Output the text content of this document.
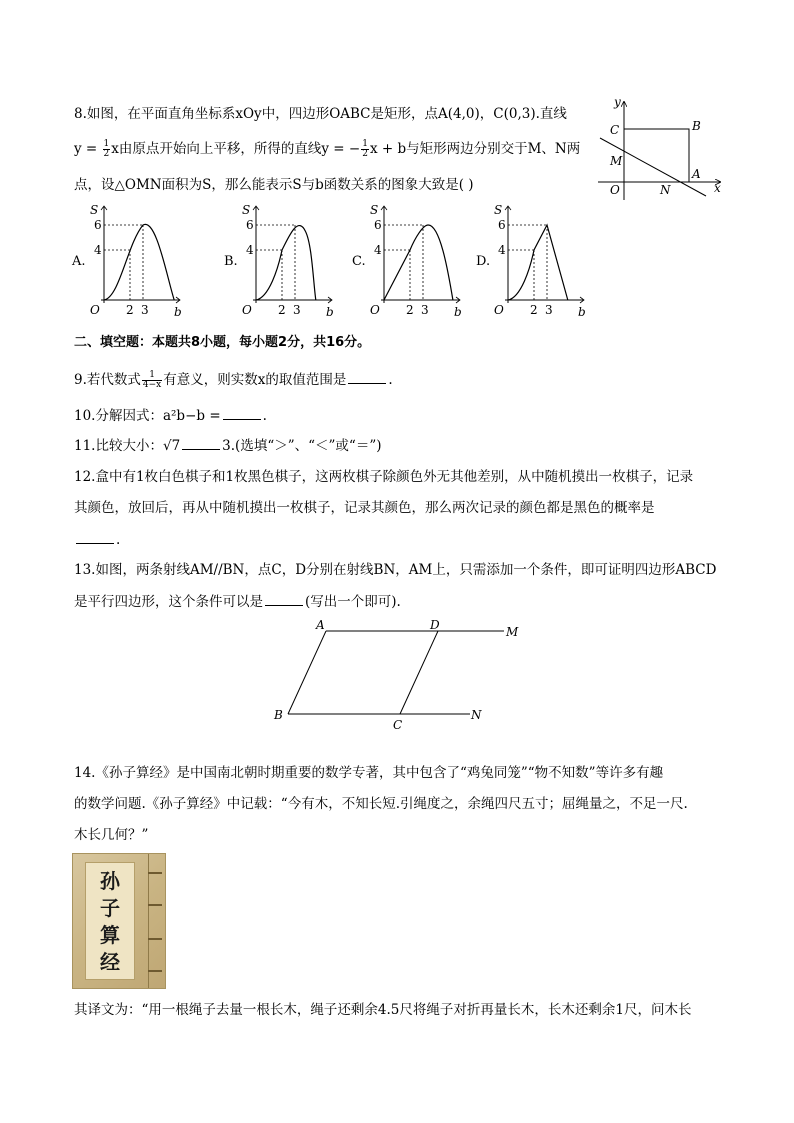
8.如图，在平面直角坐标系xOy中，四边形OABC是矩形，点A(4,0)，C(0,3).直线
$y = \frac{1}{2}$ x由原点开始向上平移，所得的直线y = − $\frac{1}{2}$ x + b与矩形两边分别交于M、N两
点，设△OMN面积为S，那么能表示S与b函数关系的图象大致是( )
y
x
C	B
M
A
O	N
A.
S
b
O
6
4
2 3
B.
S
b
O
6
4
2 3
C.
S
b
O
6
4
2 3
D.
S
b
O
6
4
2 3
二、填空题：本题共8小题，每小题2分，共16分。
9.若代数式 $\frac{1}{4-x}$ 有意义，则实数x的取值范围是	.
10.分解因式：a²b−b =	.
11.比较大小：√7	3.(选填“＞”、“＜”或“＝”)
12.盒中有1枚白色棋子和1枚黑色棋子，这两枚棋子除颜色外无其他差别，从中随机摸出一枚棋子，记录
其颜色，放回后，再从中随机摸出一枚棋子，记录其颜色，那么两次记录的颜色都是黑色的概率是
.
13.如图，两条射线AM//BN，点C，D分别在射线BN，AM上，只需添加一个条件，即可证明四边形ABCD
是平行四边形，这个条件可以是	(写出一个即可).
A	D	M
B
C
N
14.《孙子算经》是中国南北朝时期重要的数学专著，其中包含了“鸡兔同笼”“物不知数”等许多有趣
的数学问题.《孙子算经》中记载：“今有木，不知长短.引绳度之，余绳四尺五寸；屈绳量之，不足一尺.
木长几何？”
孙
子
算
经
其译文为：“用一根绳子去量一根长木，绳子还剩余4.5尺将绳子对折再量长木，长木还剩余1尺，问木长
